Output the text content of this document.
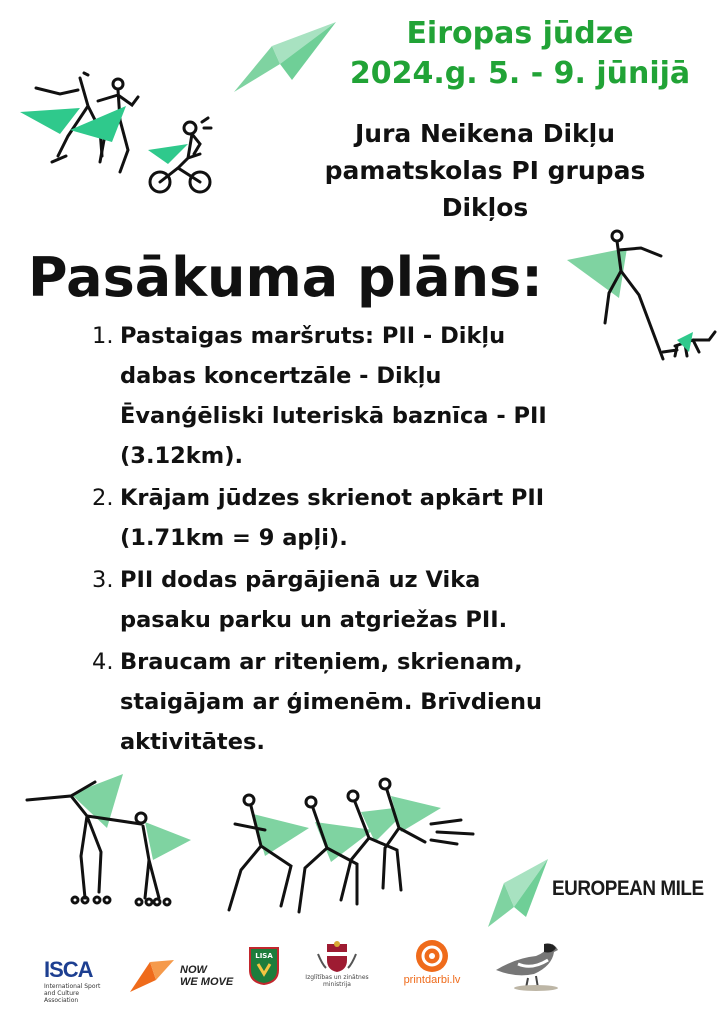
Eiropas jūdze
2024.g. 5. - 9. jūnijā
Jura Neikena Dikļu
pamatskolas PI grupas
Dikļos
Pasākuma plāns:
1. Pastaigas maršruts: PII - Dikļu
dabas koncertzāle - Dikļu
Ēvanģēliski luteriskā baznīca - PII
(3.12km).
2. Krājam jūdzes skrienot apkārt PII
(1.71km = 9 apļi).
3. PII dodas pārgājienā uz Vika
pasaku parku un atgriežas PII.
4. Braucam ar riteņiem, skrienam,
staigājam ar ģimenēm. Brīvdienu
aktivitātes.
EUROPEAN MILE
ISCA
International Sport and Culture Association
NOW
WE MOVE
LISA
Izglītības un zinātnes
ministrija	printdarbi.lv
